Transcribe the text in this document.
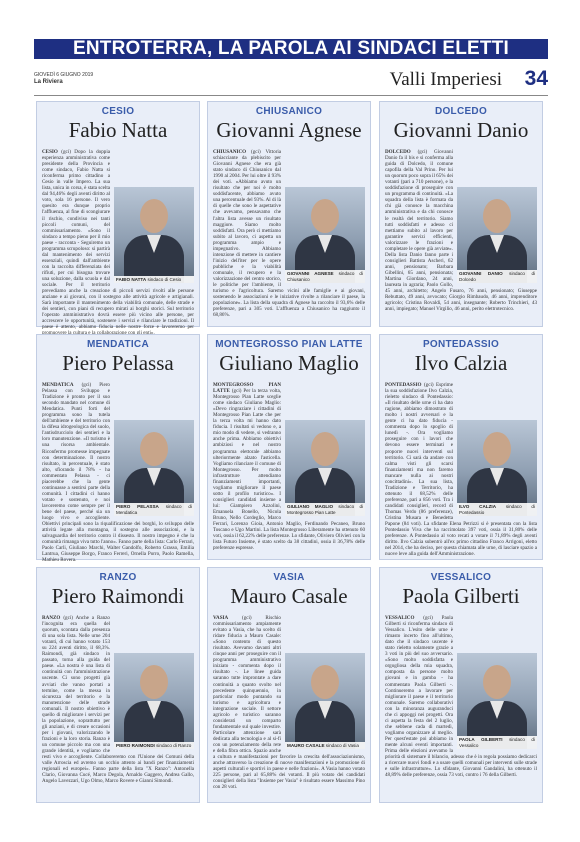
ENTROTERRA, LA PAROLA AI SINDACI ELETTI
GIOVEDÌ 6 GIUGNO 2019
La Riviera	Valli Imperiesi 34
CESIO
Fabio Natta
FABIO NATTA sindaco di Cesio
CESIO (gci) Dopo la doppia esperienza amministrativa come presidente della Provincia e come sindaco, Fabio Natta si riconferma primo cittadino a Cesio in valle Impero. La sua lista, unica in corsa, è stata scelta dal 94,46% degli aventi diritto al voto, sola 16 persone. Il vero quesito era dunque proprio l'affluenza, al fine di scongiurare il rischio, condiviso nei tanti piccoli comuni, del commissariamento. «Sono il sindaco a tempo pieno per il mio paese - racconta - Seguiremo un programma scrupoloso: si partirà dal mantenimento dei servizi essenziali, quindi dall'ambiente con la raccolta differenziata dei rifiuti, per cui bisogna trovare una soluzione, dalla scuola e dal sociale. Per il territorio prevediamo anche la creazione di piccoli servizi rivolti alle persone anziane e ai giovani, con il sostegno alle attività agricole e artigianali. Sarà importante il mantenimento della viabilità comunale, delle strade e dei sentieri, con piani di recupero mirati ai borghi storici. Sul territorio l'operato amministrativo dovrà essere più vicino alle persone, per accrescere le opportunità, sostenere i servizi e rilanciare le tradizioni. Il paese è attento, abbiamo fiducia nelle nostre forze e lavoreremo per
CHIUSANICO
Giovanni Agnese
GIOVANNI AGNESE sindaco di Chiusanico
CHIUSANICO (gci) Vittoria schiacciante da plebiscito per Giovanni Agnese che era già stato sindaco di Chiusanico dal 1990 al 2004. Per lui oltre il 93% dei voti. «Abbiamo avuto un risultato che per noi è molto soddisfacente, abbiamo avuto una percentuale del 93%. Al di là di quelle che sono le aspettative che avevamo, pensavamo che l'altra lista avesse un risultato maggiore. Siamo molto soddisfatti. Ora però ci mettiamo subito al lavoro, ci aspetta un programma ampio e impegnativo. Abbiamo intenzione di mettere in cantiere l'inizio dell'iter per le opere pubbliche e la viabilità comunale, il recupero e la valorizzazione del centro storico, le politiche per l'ambiente, il turismo e l'agricoltura. Saremo vicini alle famiglie e ai giovani, sostenendo le associazioni e le iniziative rivolte a rilanciare il paese, la popolazione». La lista della squadra di Agnese ha raccolto il 93,6% delle preferenze, pari a 305 voti. L'affluenza a Chiusanico ha raggiunto il 68,86%.
DOLCEDO
Giovanni Danio
GIOVANNI DANIO sindaco di Dolcedo
DOLCEDO (gci) Giovanni Danio fa il bis e si conferma alla guida di Dolcedo, il comune capofila della Val Prino. Per lui un quorum poco sopra il 65% dei votanti (pari a 710 persone), e la soddisfazione di proseguire con un programma di continuità. «La squadra della lista è formata da chi già conosce la macchina amministrativa e da chi conosce le realtà del territorio. Siamo tutti soddisfatti e adesso ci mettiamo subito al lavoro per garantire servizi efficienti, valorizzare le frazioni e completare le opere già avviate». Della lista Danio fanno parte i consiglieri Battista Ascheri, 62 anni, pensionato; Barbara Gibellini, 65 anni, pensionata; Martina Giordano, 24 anni, laureata in agraria; Paolo Gollo, 45 anni, architetto; Angelo Fusaro, 76 anni, pensionato; Giuseppe Rebuttato, 49 anni, avvocato; Giorgio Rimbaudo, 46 anni, imprenditore agricolo; Cristina Rovaldi, 54 anni, insegnante; Roberto Trinchieri, 43 anni, impiegato; Manuel Virgilio, 46 anni, perito elettrotecnico.
MENDATICA
Piero Pelassa
PIERO PELASSA sindaco di Mendatica
MENDATICA (gci) Piero Pelassa con Sviluppo e Tradizione è pronto per il suo secondo mandato nel comune di Mendatica. Punti forti del programma sono la tutela dell'ambiente e del territorio con la difesa idrogeologica del suolo, l'antisdrucciolo dei sentieri e la loro manutenzione. «Il turismo è una risorsa ambientale. Riconfermo promesse impegnate con determinazione. Il nostro risultato, in percentuale, è stato alto, sfiorando il 78% - ha commentato Pelassa - ci piacerebbe che la gente continuasse a sentirsi parte della comunità. I cittadini ci hanno votato e sostenuto, e noi lavoreremo come sempre per il bene del paese, perché sia un luogo vivo e accogliente. Obiettivi principali sono la riqualificazione dei borghi, lo sviluppo delle attività legate alla montagna, il sostegno alle associazioni, e la salvaguardia del territorio contro il dissesto. Il nostro impegno è che la comunità rimanga viva tutto l'anno». Fanno parte della lista: Carlo Ferrari, Paolo Carli, Giuliano Marchi, Walter Gandolfo, Roberto Grasso, Emilia Lantrua, Giuseppe Borgo, Franco Ferreri, Ornella Porro, Paolo Ramella, Mathieu Rovera.
MONTEGROSSO PIAN LATTE
Giuliano Maglio
GIULIANO MAGLIO sindaco di Montegrosso Pian Latte
MONTEGROSSO PIAN LATTE (gci) Per la terza volta, Montegrosso Pian Latte sceglie come sindaco Giuliano Maglio: «Devo ringraziare i cittadini di Montegrosso Pian Latte che per la terza volta mi hanno dato fiducia. I risultati si vedono e, a mio modo di vedere, si vedranno anche prima. Abbiamo obiettivi ambiziosi e nel nostro programma elettorale abbiamo ulteriormente alzato l'asticella. Vogliamo rilanciare il comune di Montegrosso. Per molto infrastrutture attendiamo finanziamenti importanti, vogliamo migliorare il paese sotto il profilo turistico». I consiglieri candidati insieme a lui: Giampiero Azzolini, Emanuela Bonello, Nicola Bruno, Nello Cordeglio, Marco Ferrari, Lorenzo Gioia, Antonio Maglio, Ferdinando Pecaneo, Bruno Toscano e Ugo Martini. La lista Montegrosso Liberamente ha ottenuto 60 voti, ossia il 62,22% delle preferenze. Lo sfidante, Oliviero Olivieri con la lista Futuro Insieme, è stato scelto da 38 cittadini, ossia il 36,78% delle preferenze espresse.
PONTEDASSIO
Ilvo Calzia
ILVO CALZIA sindaco di Pontedassio
PONTEDASSIO (gci) Esprime la sua soddisfazione Ilvo Calzia, rieletto sindaco di Pontedassio: «Il risultato delle urne ci ha dato ragione, abbiamo dimostrato di molto i nostri avversari e la gente ci ha dato fiducia - commenta dopo lo spoglio di lunedì -. Ora vogliamo proseguire con i lavori che devono essere terminati e proporre nuovi interventi sul territorio. Ci sarà da andare con calma visti gli scarsi finanziamenti ma non faremo mancare nulla ai nostri concittadini». La sua lista, Tradizione e Territorio, ha ottenuto il 68,52% delle preferenze, pari a 856 voti. Tra i candidati consiglieri, record di Thomas Verdo (86 preferenze), Cristina Musara e Benedetta Papone (84 voti). La sfidante Elena Petrizzi si è presentata con la lista Pontedassio Viva che ha raccimolato 397 voti, ossia il 31,80% delle preferenze. A Pontedassio al voto recati a votare il 71,89% degli aventi diritto. Ilvo Calzia subentrò all'ex primo cittadino Franco Arrigoni, eletto nel 2014, che ha deciso, per questa chiamata alle urne, di lasciare spazio a nuove leve alla guida dell'Amministrazione.
RANZO
Piero Raimondi
PIERO RAIMONDI sindaco di Ranzo
RANZO (gci) Anche a Ranzo l'incognita era quella del quorum, scontata dalla presenza di una sola lista. Nelle urne 204 votanti, di cui hanno votato 153 su 224 aventi diritto, il 68,3%. Raimondi, già sindaco in passato, torna alla guida del paese. «La nostra è una lista di continuità con l'amministrazione uscente. Ci sono progetti già avviati che vanno portati a termine, come la messa in sicurezza del territorio e la manutenzione delle strade comunali. Il nostro obiettivo è quello di migliorare i servizi per la popolazione, soprattutto per gli anziani, e di creare occasioni per i giovani, valorizzando le frazioni e la loro storia. Ranzo è un comune piccolo ma con una grande identità, e vogliamo che resti vivo e accogliente. Collaboreremo con l'Unione dei Comuni della valle Arroscia ed avremo un occhio attento ai bandi per finanziamenti regionali ed europei». Fanno parte della lista "X Ranzo": Antonella Clario, Giovanna Cucé, Marco Degola, Arnaldo Gaggero, Andrea Gallo, Angelo Lavezzari, Ugo Olmo, Marco Rovere e Gianni Simondi.
VASIA
Mauro Casale
MAURO CASALE sindaco di Vasia
VASIA	(gci) Rischio commissariamento ampiamente evitato a Vasia, che ha scelto di ridare fiducia a Mauro Casale: «Sono contento di questo risultato. Avevamo davanti altri cinque anni per proseguire con il programma amministrativo iniziato - commenta dopo il risultato -. Le linee guida saranno tutte improntate a dare continuità a quanto svolto nel precedente quinquennio, in particolar modo puntando su turismo e agricoltura e integrazione sociale. Il settore agricolo e turistico saranno considerati un comparto fondamentale sul quale investire. Particolare attenzione sarà dedicata alla tecnologia e al si-fi con un potenziamento della rete e della fibra ottica. Spazio anche a cultura e manifestazioni per favorire la crescita dell'associazionismo, anche attraverso la creazione di nuove manifestazioni e la promozione di aspetti culturali e sportivi in paese e nelle frazioni». A Vasia hanno votato 225 persone, pari al 65,88% dei votanti. Il più votato dei candidati consiglieri della lista "Insieme per Vasia" è risultato essere Massimo Pino con 28 voti.
VESSALICO
Paola Gilberti
PAOLA GILBERTI sindaco di Vessalico
VESSALICO (gci) Paola Gilberti si riconferma sindaco di Vessalico. L'esito delle urne è rimasto incerto fino all'ultimo, dato che il sindaco uscente è stato rieletto solamente grazie a 3 voti in più del suo avversario. «Sono molto soddisfatta e orgogliosa della mia squadra, composta da persone molto giovani e in gamba - ha commentato Paola Gilberti -. Continueremo a lavorare per migliorare il paese e il territorio comunale. Saremo collaborativi con la minoranza augurandoci che ci appoggi nei progetti. Ora ci aspetta la festa del 2 luglio, che sebbene cada di martedì, vogliamo organizzare al meglio. Per quest'estate poi abbiamo in mente alcuni eventi importanti. Prima delle elezioni avevamo la priorità di sistemare il bilancio, adesso che è in regola possiamo dedicarci a ricercare nuovi fondi e a usare quelli comunali per interventi sulle strade e sulle infrastrutture». Lo sfidante, Giovanni Gandalini, ha ottenuto il 48,89% delle preferenze, ossia 73 voti, contro i 76 della Gilberti.
